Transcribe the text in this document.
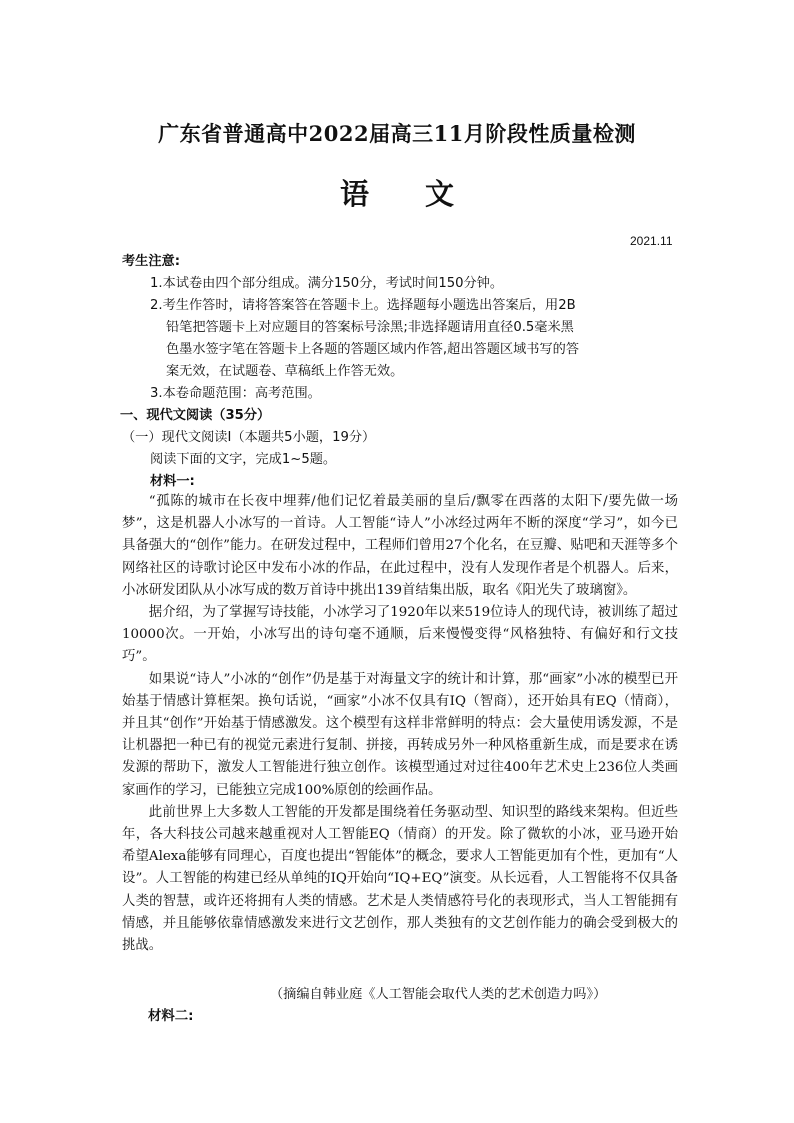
广东省普通高中2022届高三11月阶段性质量检测
语 文
2021.11
考生注意:
1.本试卷由四个部分组成。满分150分，考试时间150分钟。
2.考生作答时，请将答案答在答题卡上。选择题每小题选出答案后，用2B
铅笔把答题卡上对应题目的答案标号涂黑;非选择题请用直径0.5毫米黑
色墨水签字笔在答题卡上各题的答题区域内作答,超出答题区域书写的答
案无效，在试题卷、草稿纸上作答无效。
3.本卷命题范围：高考范围。
一、现代文阅读（35分）
（一）现代文阅读Ⅰ（本题共5小题，19分）
阅读下面的文字，完成1~5题。
材料一:

“孤陈的城市在长夜中埋葬/他们记忆着最美丽的皇后/飘零在西落的太阳下/要先做一场梦”，这是机器人小冰写的一首诗。人工智能“诗人”小冰经过两年不断的深度“学习”，如今已具备强大的“创作”能力。在研发过程中，工程师们曾用27个化名，在豆瓣、贴吧和天涯等多个网络社区的诗歌讨论区中发布小冰的作品，在此过程中，没有人发现作者是个机器人。后来，小冰研发团队从小冰写成的数万首诗中挑出139首结集出版，取名《阳光失了玻璃窗》。

据介绍，为了掌握写诗技能，小冰学习了1920年以来519位诗人的现代诗，被训练了超过10000次。一开始，小冰写出的诗句毫不通顺，后来慢慢变得“风格独特、有偏好和行文技巧”。

如果说“诗人”小冰的“创作”仍是基于对海量文字的统计和计算，那“画家”小冰的模型已开始基于情感计算框架。换句话说，“画家”小冰不仅具有IQ（智商），还开始具有EQ（情商），并且其“创作”开始基于情感激发。这个模型有这样非常鲜明的特点：会大量使用诱发源，不是让机器把一种已有的视觉元素进行复制、拼接，再转成另外一种风格重新生成，而是要求在诱发源的帮助下，激发人工智能进行独立创作。该模型通过对过往400年艺术史上236位人类画家画作的学习，已能独立完成100%原创的绘画作品。

此前世界上大多数人工智能的开发都是围绕着任务驱动型、知识型的路线来架构。但近些年，各大科技公司越来越重视对人工智能EQ（情商）的开发。除了微软的小冰，亚马逊开始希望Alexa能够有同理心，百度也提出“智能体”的概念，要求人工智能更加有个性，更加有“人设”。人工智能的构建已经从单纯的IQ开始向“IQ+EQ”演变。从长远看，人工智能将不仅具备人类的智慧，或许还将拥有人类的情感。艺术是人类情感符号化的表现形式，当人工智能拥有情感，并且能够依靠情感激发来进行文艺创作，那人类独有的文艺创作能力的确会受到极大的挑战。

（摘编自韩业庭《人工智能会取代人类的艺术创造力吗》）
材料二:
